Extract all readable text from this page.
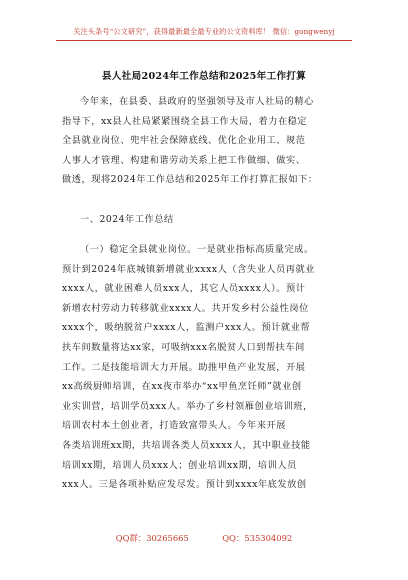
关注头条号“公文研究”，获得最新最全最专业的公文资料库！ 微信：gongwenyj
县人社局2024年工作总结和2025年工作打算
今年来，在县委、县政府的坚强领导及市人社局的精心
指导下，xx县人社局紧紧围绕全县工作大局，着力在稳定
全县就业岗位、兜牢社会保障底线、优化企业用工、规范
人事人才管理、构建和谐劳动关系上把工作做细、做实、
做透，现将2024年工作总结和2025年工作打算汇报如下：
一、2024年工作总结
（一）稳定全县就业岗位。一是就业指标高质量完成。
预计到2024年底城镇新增就业xxxx人（含失业人员再就业
xxxx人，就业困难人员xxx人，其它人员xxxx人）。预计
新增农村劳动力转移就业xxxx人。共开发乡村公益性岗位
xxxx个，吸纳脱贫户xxxx人，监测户xxx人。预计就业帮
扶车间数量将达xx家，可吸纳xxx名脱贫人口到帮扶车间
工作。二是技能培训大力开展。助推甲鱼产业发展，开展
xx高级厨师培训，在xx夜市举办“xx甲鱼烹饪师”就业创
业实训营，培训学员xxx人。举办了乡村领雁创业培训班，
培训农村本土创业者，打造致富带头人。今年来开展
各类培训班xx期，共培训各类人员xxxx人，其中职业技能
培训xx期，培训人员xxx人；创业培训xx期，培训人员
xxx人。三是各项补贴应发尽发。预计到xxxx年底发放创
QQ群：30265665	QQ：535304092
